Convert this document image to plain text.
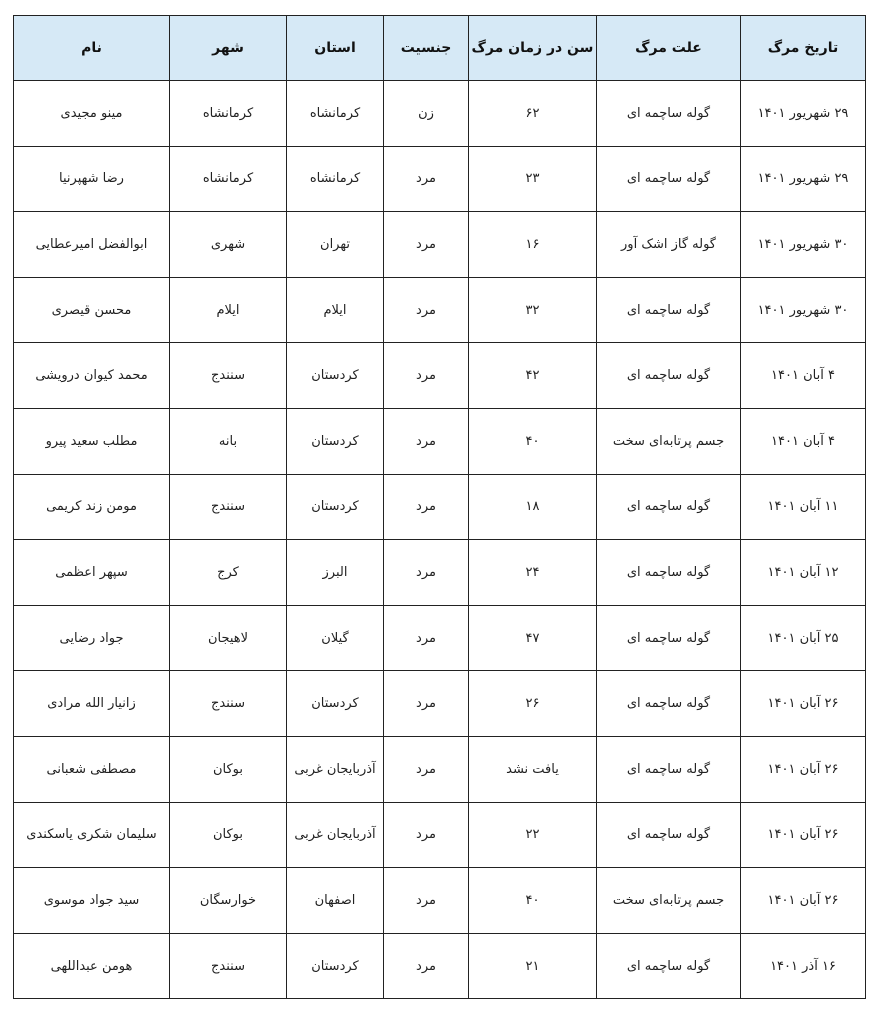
تاریخ مرگ	علت مرگ	سن در زمان مرگ	جنسیت	استان	شهر	نام
۲۹ شهریور ۱۴۰۱	گوله ساچمه ای	۶۲	زن	کرمانشاه	کرمانشاه	مینو مجیدی
۲۹ شهریور ۱۴۰۱	گوله ساچمه ای	۲۳	مرد	کرمانشاه	کرمانشاه	رضا شهپرنیا
۳۰ شهریور ۱۴۰۱	گوله گاز اشک آور	۱۶	مرد	تهران	شهری	ابوالفضل امیرعطایی
۳۰ شهریور ۱۴۰۱	گوله ساچمه ای	۳۲	مرد	ایلام	ایلام	محسن قیصری
۴ آبان ۱۴۰۱	گوله ساچمه ای	۴۲	مرد	کردستان	سنندج	محمد کیوان درویشی
۴ آبان ۱۴۰۱	جسم پرتابه‌ای سخت	۴۰	مرد	کردستان	بانه	مطلب سعید پیرو
۱۱ آبان ۱۴۰۱	گوله ساچمه ای	۱۸	مرد	کردستان	سنندج	مومن زند کریمی
۱۲ آبان ۱۴۰۱	گوله ساچمه ای	۲۴	مرد	البرز	کرج	سپهر اعظمی
۲۵ آبان ۱۴۰۱	گوله ساچمه ای	۴۷	مرد	گیلان	لاهیجان	جواد رضایی
۲۶ آبان ۱۴۰۱	گوله ساچمه ای	۲۶	مرد	کردستان	سنندج	زانیار الله مرادی
۲۶ آبان ۱۴۰۱	گوله ساچمه ای	یافت نشد	مرد	آذربایجان غربی	بوکان	مصطفی شعبانی
۲۶ آبان ۱۴۰۱	گوله ساچمه ای	۲۲	مرد	آذربایجان غربی	بوکان	سلیمان شکری یاسکندی
۲۶ آبان ۱۴۰۱	جسم پرتابه‌ای سخت	۴۰	مرد	اصفهان	خوارسگان	سید جواد موسوی
۱۶ آذر ۱۴۰۱	گوله ساچمه ای	۲۱	مرد	کردستان	سنندج	هومن عبداللهی
